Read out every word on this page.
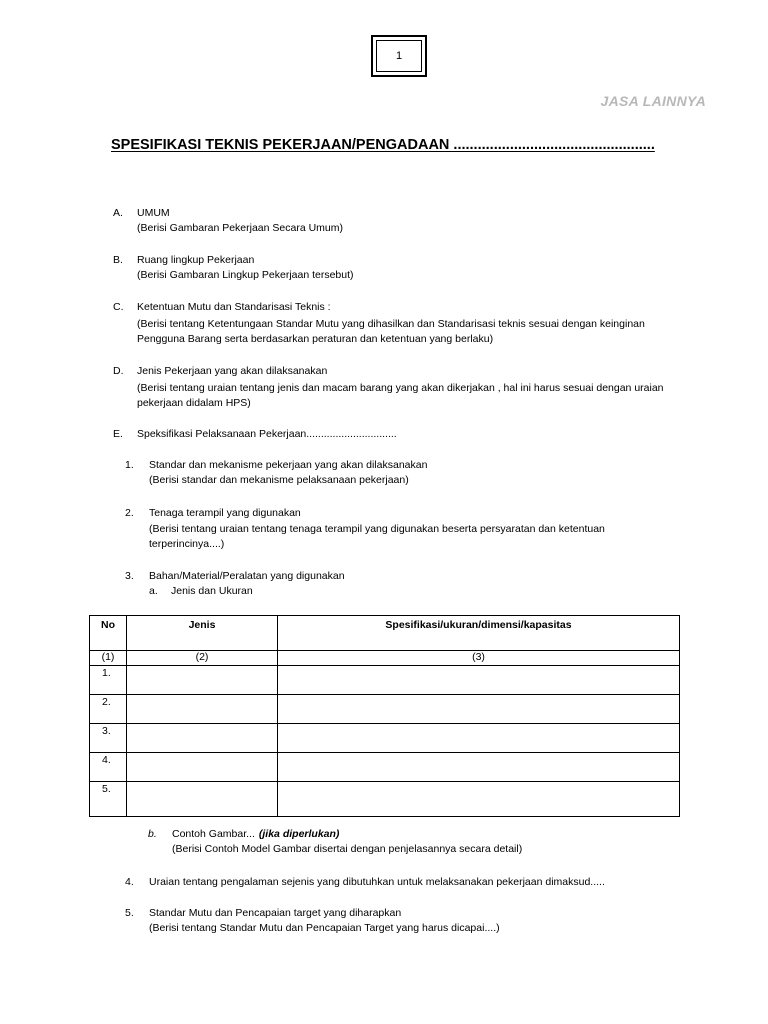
1
JASA LAINNYA
SPESIFIKASI TEKNIS PEKERJAAN/PENGADAAN ..................................................
A.	UMUM
(Berisi Gambaran Pekerjaan Secara Umum)
B.	Ruang lingkup Pekerjaan
(Berisi Gambaran Lingkup Pekerjaan tersebut)
C.	Ketentuan Mutu dan Standarisasi Teknis :
(Berisi tentang Ketentungaan Standar Mutu yang dihasilkan dan Standarisasi teknis sesuai dengan keinginan
Pengguna Barang serta berdasarkan peraturan dan ketentuan yang berlaku)
D.	Jenis Pekerjaan yang akan dilaksanakan
(Berisi tentang uraian tentang jenis dan macam barang yang akan dikerjakan , hal ini harus sesuai dengan uraian
pekerjaan didalam HPS)
E.	Speksifikasi Pelaksanaan Pekerjaan...............................
1.	Standar dan mekanisme pekerjaan yang akan dilaksanakan
(Berisi standar dan mekanisme pelaksanaan pekerjaan)
2.	Tenaga terampil yang digunakan
(Berisi tentang uraian tentang tenaga terampil yang digunakan beserta persyaratan dan ketentuan
terperincinya....)
3.	Bahan/Material/Peralatan yang digunakan
a.	Jenis dan Ukuran
No	Jenis	Spesifikasi/ukuran/dimensi/kapasitas
(1)	(2)	(3)
1.		
2.		
3.		
4.		
5.		
b.	Contoh Gambar... (jika diperlukan)
(Berisi Contoh Model Gambar disertai dengan penjelasannya secara detail)
4.	Uraian tentang pengalaman sejenis yang dibutuhkan untuk melaksanakan pekerjaan dimaksud.....
5.	Standar Mutu dan Pencapaian target yang diharapkan
(Berisi tentang Standar Mutu dan Pencapaian Target yang harus dicapai....)
